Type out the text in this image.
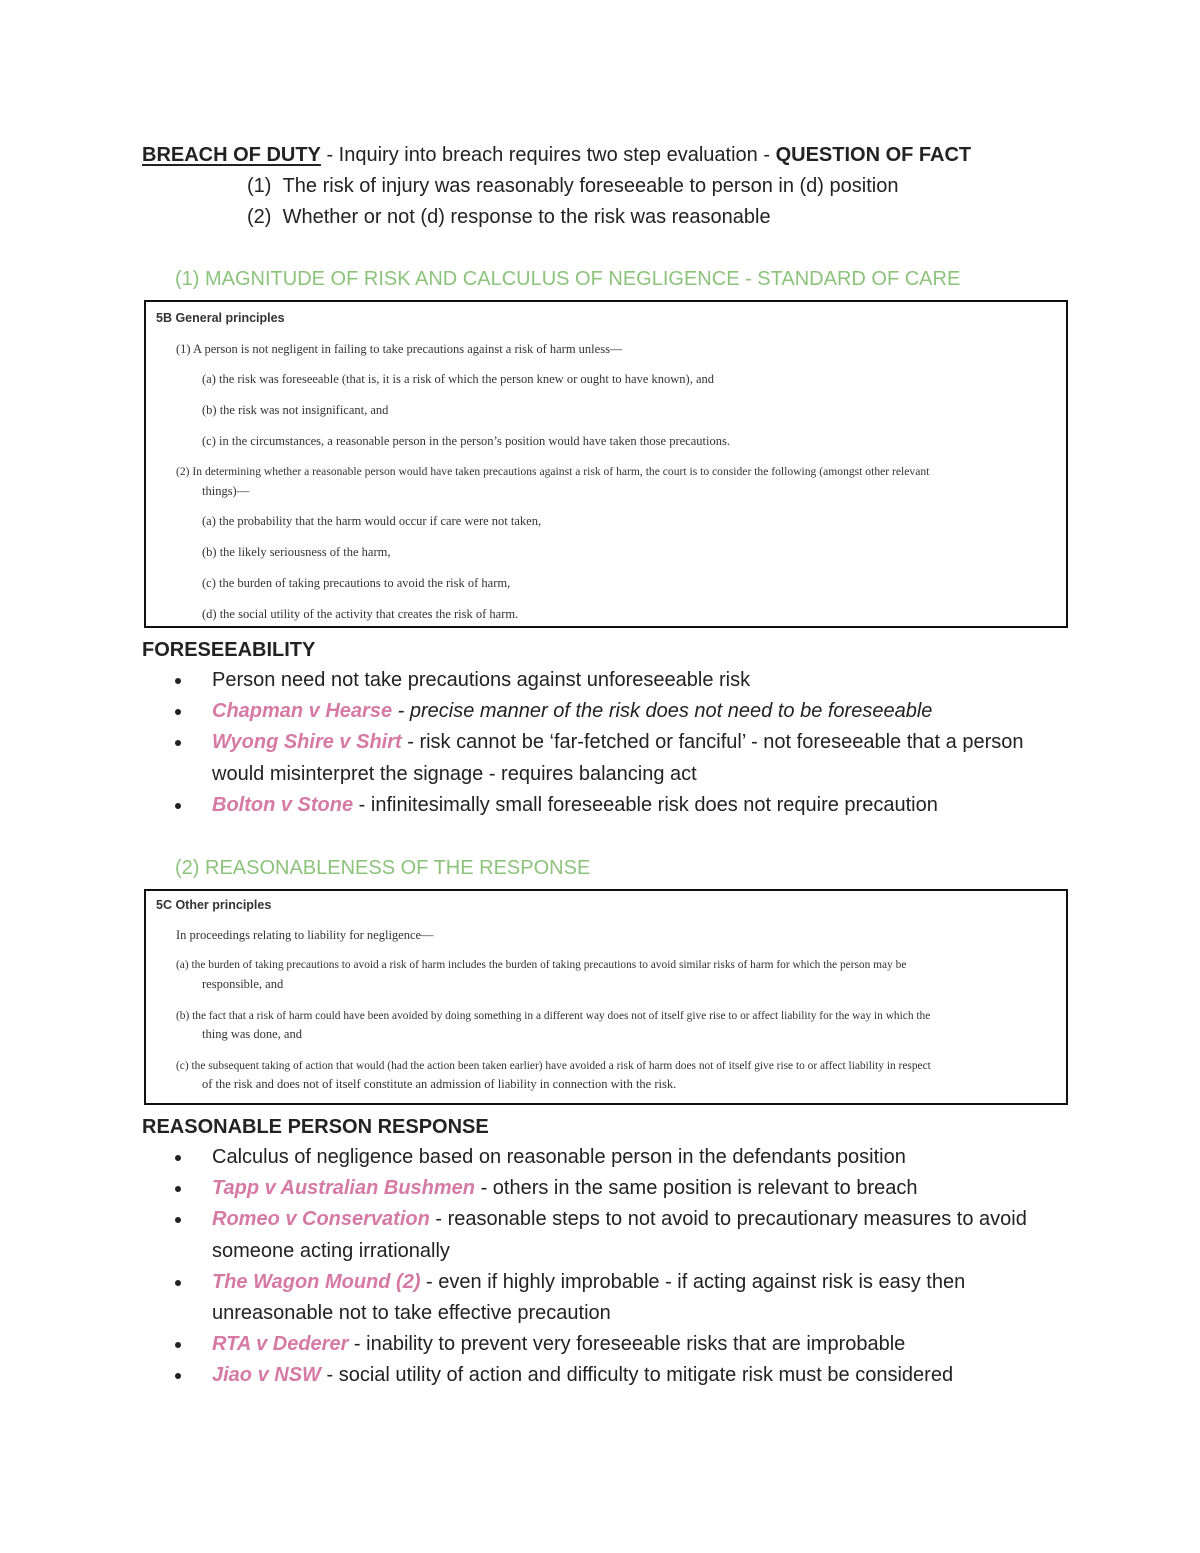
BREACH OF DUTY - Inquiry into breach requires two step evaluation - QUESTION OF FACT
(1) The risk of injury was reasonably foreseeable to person in (d) position
(2) Whether or not (d) response to the risk was reasonable
(1) MAGNITUDE OF RISK AND CALCULUS OF NEGLIGENCE - STANDARD OF CARE
5B General principles
(1) A person is not negligent in failing to take precautions against a risk of harm unless—
(a) the risk was foreseeable (that is, it is a risk of which the person knew or ought to have known), and
(b) the risk was not insignificant, and
(c) in the circumstances, a reasonable person in the person’s position would have taken those precautions.
(2) In determining whether a reasonable person would have taken precautions against a risk of harm, the court is to consider the following (amongst other relevant
things)—
(a) the probability that the harm would occur if care were not taken,
(b) the likely seriousness of the harm,
(c) the burden of taking precautions to avoid the risk of harm,
(d) the social utility of the activity that creates the risk of harm.
FORESEEABILITY
Person need not take precautions against unforeseeable risk
Chapman v Hearse - precise manner of the risk does not need to be foreseeable
Wyong Shire v Shirt - risk cannot be ‘far-fetched or fanciful’ - not foreseeable that a person would misinterpret the signage - requires balancing act
Bolton v Stone - infinitesimally small foreseeable risk does not require precaution
(2) REASONABLENESS OF THE RESPONSE
5C Other principles
In proceedings relating to liability for negligence—
(a) the burden of taking precautions to avoid a risk of harm includes the burden of taking precautions to avoid similar risks of harm for which the person may be
responsible, and
(b) the fact that a risk of harm could have been avoided by doing something in a different way does not of itself give rise to or affect liability for the way in which the
thing was done, and
(c) the subsequent taking of action that would (had the action been taken earlier) have avoided a risk of harm does not of itself give rise to or affect liability in respect
of the risk and does not of itself constitute an admission of liability in connection with the risk.
REASONABLE PERSON RESPONSE
Calculus of negligence based on reasonable person in the defendants position
Tapp v Australian Bushmen - others in the same position is relevant to breach
Romeo v Conservation - reasonable steps to not avoid to precautionary measures to avoid someone acting irrationally
The Wagon Mound (2) - even if highly improbable - if acting against risk is easy then unreasonable not to take effective precaution
RTA v Dederer - inability to prevent very foreseeable risks that are improbable
Jiao v NSW - social utility of action and difficulty to mitigate risk must be considered
